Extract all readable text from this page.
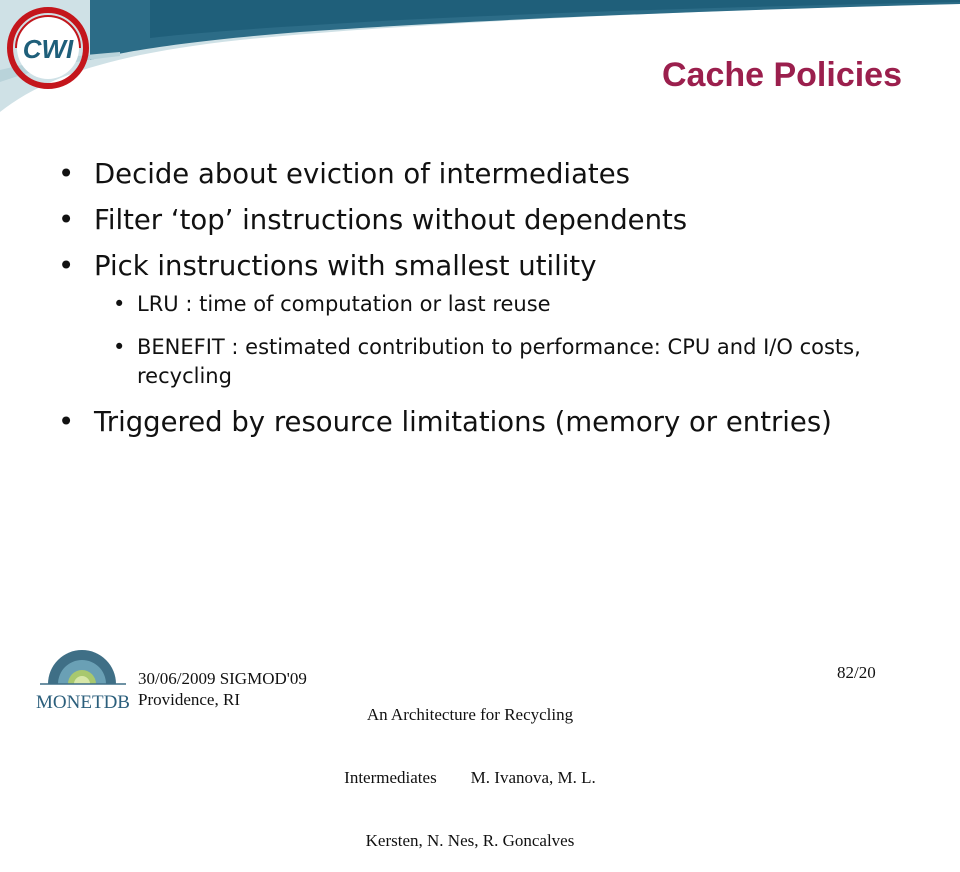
CWI
Cache Policies
• Decide about eviction of intermediates
• Filter ‘top’ instructions without dependents
• Pick instructions with smallest utility
• LRU : time of computation or last reuse
• BENEFIT : estimated contribution to performance: CPU and I/O costs, recycling
• Triggered by resource limitations (memory or entries)
MONETDB
30/06/2009 SIGMOD'09
Providence, RI

An Architecture for Recycling

Intermediates        M. Ivanova, M. L.

Kersten, N. Nes, R. Goncalves

82/20
